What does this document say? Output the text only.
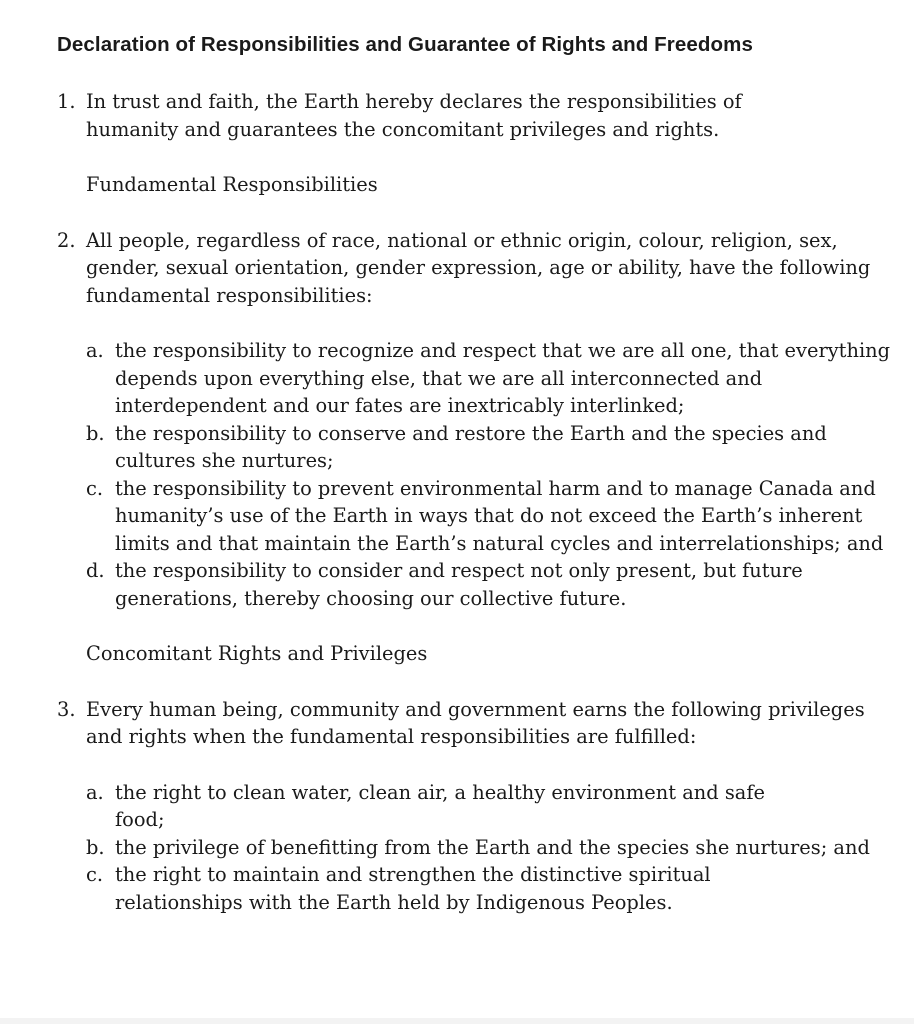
Declaration of Responsibilities and Guarantee of Rights and Freedoms
1. In trust and faith, the Earth hereby declares the responsibilities of humanity and guarantees the concomitant privileges and rights.
Fundamental Responsibilities
2. All people, regardless of race, national or ethnic origin, colour, religion, sex, gender, sexual orientation, gender expression, age or ability, have the following fundamental responsibilities:
a. the responsibility to recognize and respect that we are all one, that everything depends upon everything else, that we are all interconnected and interdependent and our fates are inextricably interlinked;
b. the responsibility to conserve and restore the Earth and the species and cultures she nurtures;
c. the responsibility to prevent environmental harm and to manage Canada and humanity’s use of the Earth in ways that do not exceed the Earth’s inherent limits and that maintain the Earth’s natural cycles and interrelationships; and
d. the responsibility to consider and respect not only present, but future generations, thereby choosing our collective future.
Concomitant Rights and Privileges
3. Every human being, community and government earns the following privileges and rights when the fundamental responsibilities are fulfilled:
a. the right to clean water, clean air, a healthy environment and safe food;
b. the privilege of benefitting from the Earth and the species she nurtures; and
c. the right to maintain and strengthen the distinctive spiritual relationships with the Earth held by Indigenous Peoples.
